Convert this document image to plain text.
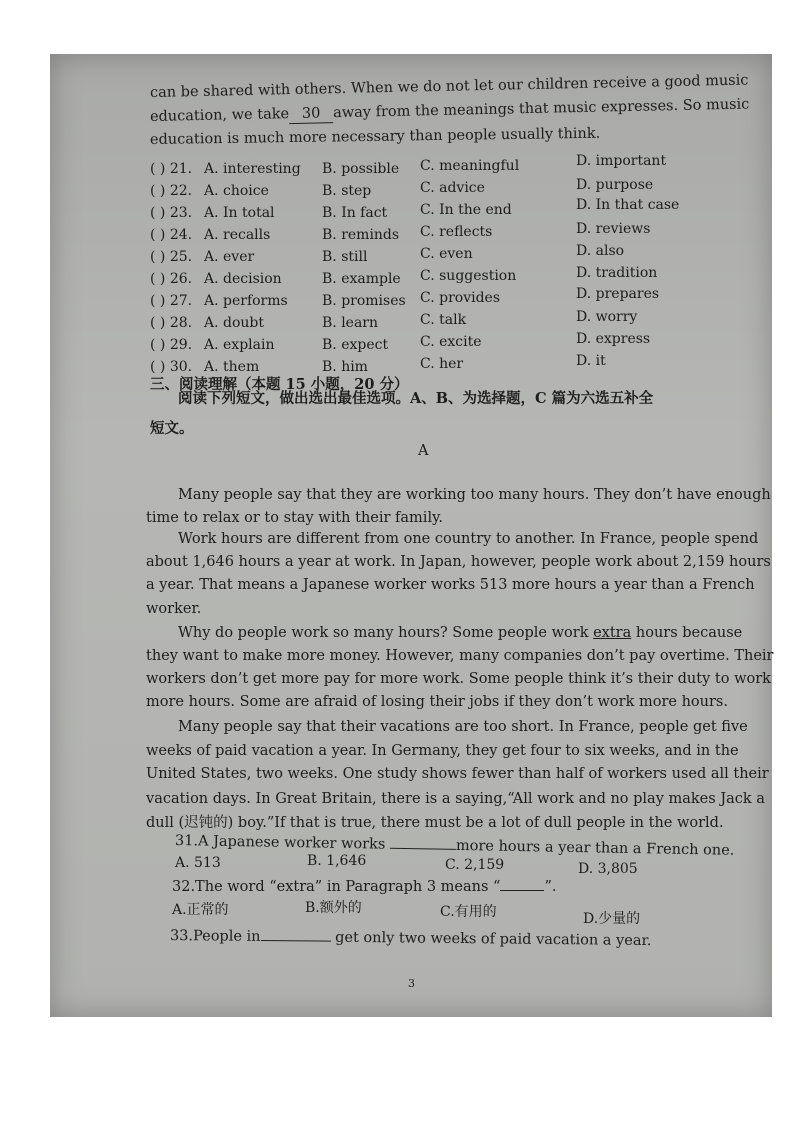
can be shared with others. When we do not let our children receive a good music
education, we take 30 away from the meanings that music expresses. So music
education is much more necessary than people usually think.
( ) 21. A. interesting B. possible C. meaningful	D. important
( ) 22. A. choice	B. step	C. advice	D. purpose
( ) 23. A. In total	B. In fact C. In the end	D. In that case
( ) 24. A. recalls	B. reminds C. reflects	D. reviews
( ) 25. A. ever	B. still	C. even	D. also
( ) 26. A. decision	B. example C. suggestion	D. tradition
( ) 27. A. performs B. promises C. provides	D. prepares
( ) 28. A. doubt	B. learn	C. talk	D. worry
( ) 29. A. explain	B. expect C. excite	D. express
( ) 30. A. them	B. him	C. her	D. it
三、阅读理解（本题 15 小题，20 分）
阅读下列短文，做出选出最佳选项。A、B、为选择题，C 篇为六选五补全
短文。
A
Many people say that they are working too many hours. They don’t have enough
time to relax or to stay with their family.
Work hours are different from one country to another. In France, people spend
about 1,646 hours a year at work. In Japan, however, people work about 2,159 hours
a year. That means a Japanese worker works 513 more hours a year than a French
worker.
Why do people work so many hours? Some people work extra hours because
they want to make more money. However, many companies don’t pay overtime. Their
workers don’t get more pay for more work. Some people think it’s their duty to work
more hours. Some are afraid of losing their jobs if they don’t work more hours.
Many people say that their vacations are too short. In France, people get five
weeks of paid vacation a year. In Germany, they get four to six weeks, and in the
United States, two weeks. One study shows fewer than half of workers used all their
vacation days. In Great Britain, there is a saying,“All work and no play makes Jack a
dull (迟钝的) boy.”If that is true, there must be a lot of dull people in the world.
31.A Japanese worker works	more hours a year than a French one.
A. 513	B. 1,646	C. 2,159	D. 3,805
32.The word “extra” in Paragraph 3 means “	”.
A.正常的	B.额外的	C.有用的	D.少量的
33.People in	get only two weeks of paid vacation a year.
3
